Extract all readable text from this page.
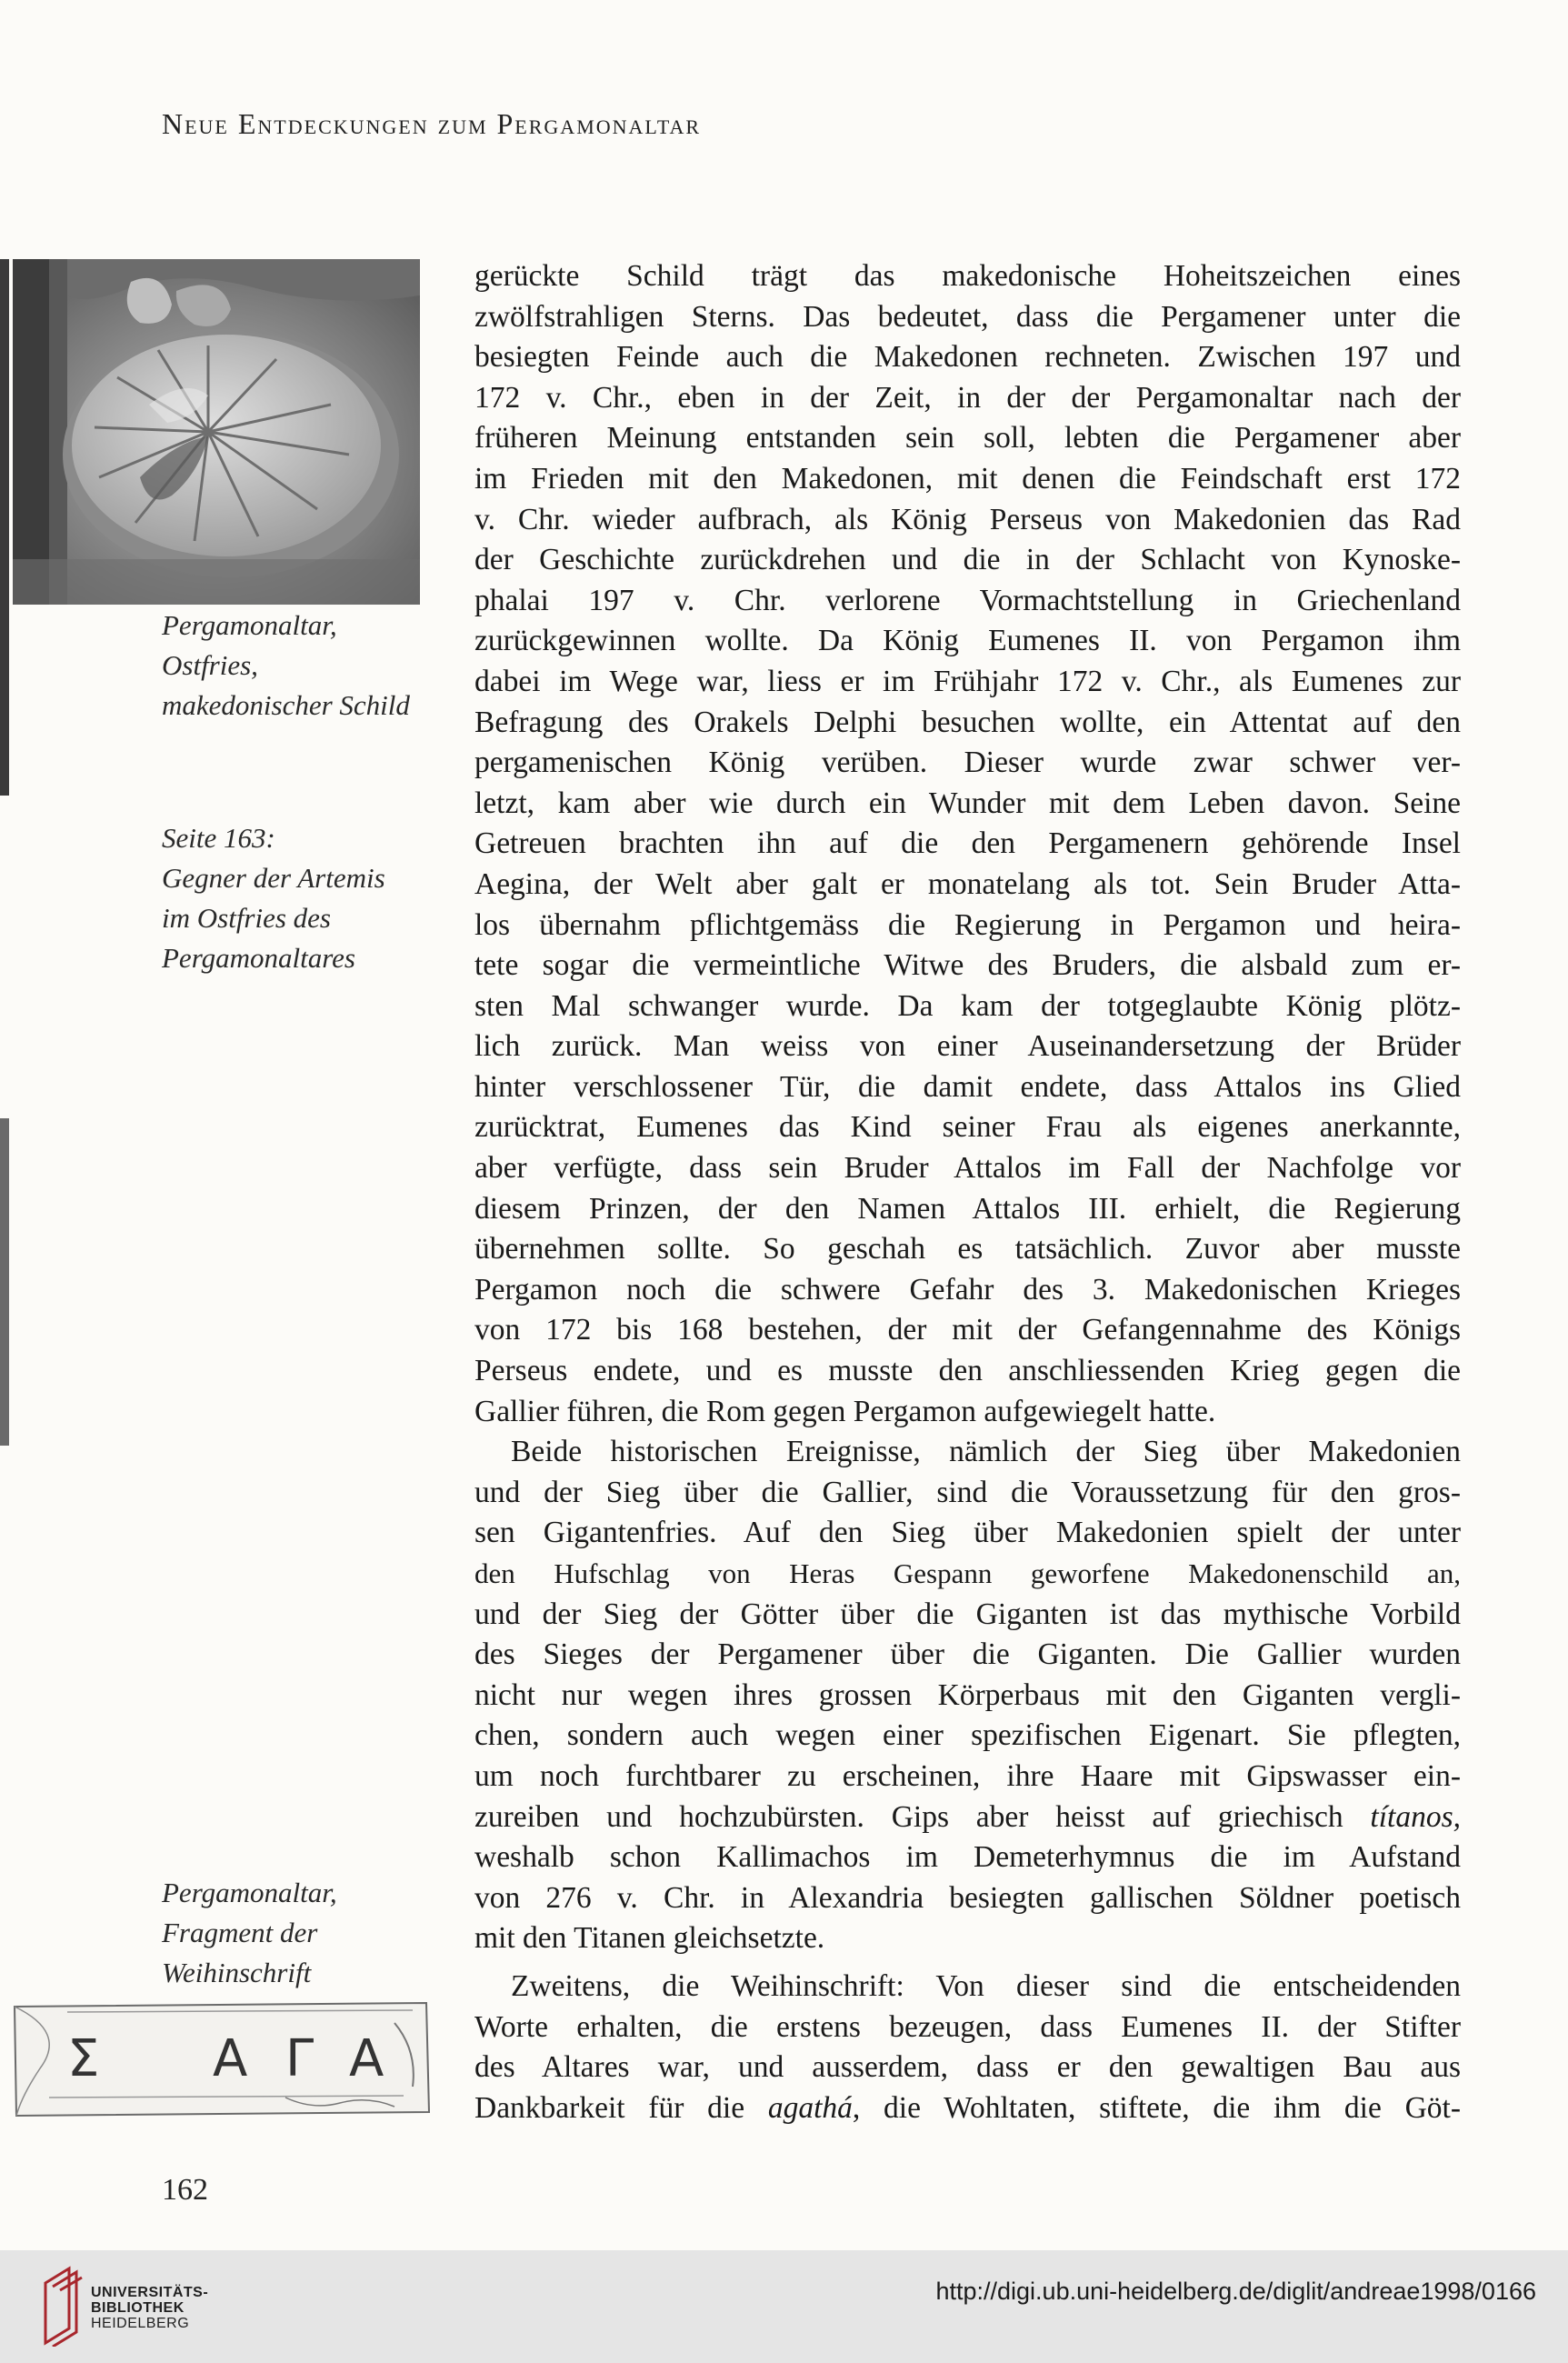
Neue Entdeckungen zum Pergamonaltar
Pergamonaltar,
Ostfries,
makedonischer Schild
Seite 163:
Gegner der Artemis
im Ostfries des
Pergamonaltares
Pergamonaltar,
Fragment der
Weihinschrift
Σ Α Γ Α

gerückte Schild trägt das makedonische Hoheitszeichen eines
zwölfstrahligen Sterns. Das bedeutet, dass die Pergamener unter die
besiegten Feinde auch die Makedonen rechneten. Zwischen 197 und
172 v. Chr., eben in der Zeit, in der der Pergamonaltar nach der
früheren Meinung entstanden sein soll, lebten die Pergamener aber
im Frieden mit den Makedonen, mit denen die Feindschaft erst 172
v. Chr. wieder aufbrach, als König Perseus von Makedonien das Rad
der Geschichte zurückdrehen und die in der Schlacht von Kynoske-
phalai 197 v. Chr. verlorene Vormachtstellung in Griechenland
zurückgewinnen wollte. Da König Eumenes II. von Pergamon ihm
dabei im Wege war, liess er im Frühjahr 172 v. Chr., als Eumenes zur
Befragung des Orakels Delphi besuchen wollte, ein Attentat auf den
pergamenischen König verüben. Dieser wurde zwar schwer ver-
letzt, kam aber wie durch ein Wunder mit dem Leben davon. Seine
Getreuen brachten ihn auf die den Pergamenern gehörende Insel
Aegina, der Welt aber galt er monatelang als tot. Sein Bruder Atta-
los übernahm pflichtgemäss die Regierung in Pergamon und heira-
tete sogar die vermeintliche Witwe des Bruders, die alsbald zum er-
sten Mal schwanger wurde. Da kam der totgeglaubte König plötz-
lich zurück. Man weiss von einer Auseinandersetzung der Brüder
hinter verschlossener Tür, die damit endete, dass Attalos ins Glied
zurücktrat, Eumenes das Kind seiner Frau als eigenes anerkannte,
aber verfügte, dass sein Bruder Attalos im Fall der Nachfolge vor
diesem Prinzen, der den Namen Attalos III. erhielt, die Regierung
übernehmen sollte. So geschah es tatsächlich. Zuvor aber musste
Pergamon noch die schwere Gefahr des 3. Makedonischen Krieges
von 172 bis 168 bestehen, der mit der Gefangennahme des Königs
Perseus endete, und es musste den anschliessenden Krieg gegen die
Gallier führen, die Rom gegen Pergamon aufgewiegelt hatte.

Beide historischen Ereignisse, nämlich der Sieg über Makedonien
und der Sieg über die Gallier, sind die Voraussetzung für den gros-
sen Gigantenfries. Auf den Sieg über Makedonien spielt der unter
den Hufschlag von Heras Gespann geworfene Makedonenschild an,
und der Sieg der Götter über die Giganten ist das mythische Vorbild
des Sieges der Pergamener über die Giganten. Die Gallier wurden
nicht nur wegen ihres grossen Körperbaus mit den Giganten vergli-
chen, sondern auch wegen einer spezifischen Eigenart. Sie pflegten,
um noch furchtbarer zu erscheinen, ihre Haare mit Gipswasser ein-
zureiben und hochzubürsten. Gips aber heisst auf griechisch títanos,
weshalb schon Kallimachos im Demeterhymnus die im Aufstand
von 276 v. Chr. in Alexandria besiegten gallischen Söldner poetisch
mit den Titanen gleichsetzte.

Zweitens, die Weihinschrift: Von dieser sind die entscheidenden
Worte erhalten, die erstens bezeugen, dass Eumenes II. der Stifter
des Altares war, und ausserdem, dass er den gewaltigen Bau aus
Dankbarkeit für die agathá, die Wohltaten, stiftete, die ihm die Göt-

162
UNIVERSITÄTS-
BIBLIOTHEK
HEIDELBERG
http://digi.ub.uni-heidelberg.de/diglit/andreae1998/0166
